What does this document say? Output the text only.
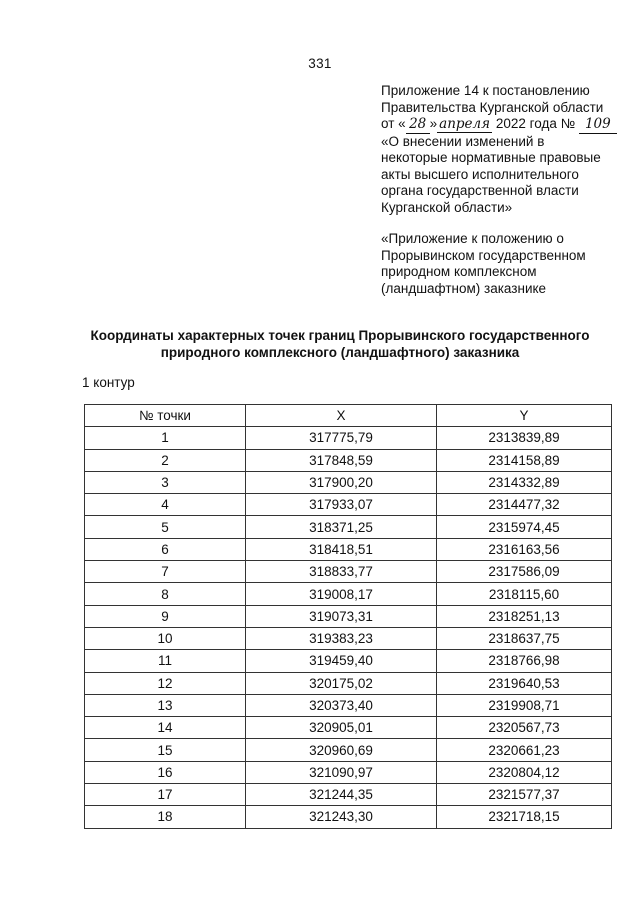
331
Приложение 14 к постановлению
Правительства Курганской области
от « 28 » апреля 2022 года № 109
«О внесении изменений в
некоторые нормативные правовые
акты высшего исполнительного
органа государственной власти
Курганской области»
«Приложение к положению о
Прорывинском государственном
природном комплексном
(ландшафтном) заказнике
Координаты характерных точек границ Прорывинского государственного
природного комплексного (ландшафтного) заказника
1 контур
№ точки	X	Y
1	317775,79	2313839,89
2	317848,59	2314158,89
3	317900,20	2314332,89
4	317933,07	2314477,32
5	318371,25	2315974,45
6	318418,51	2316163,56
7	318833,77	2317586,09
8	319008,17	2318115,60
9	319073,31	2318251,13
10	319383,23	2318637,75
11	319459,40	2318766,98
12	320175,02	2319640,53
13	320373,40	2319908,71
14	320905,01	2320567,73
15	320960,69	2320661,23
16	321090,97	2320804,12
17	321244,35	2321577,37
18	321243,30	2321718,15
